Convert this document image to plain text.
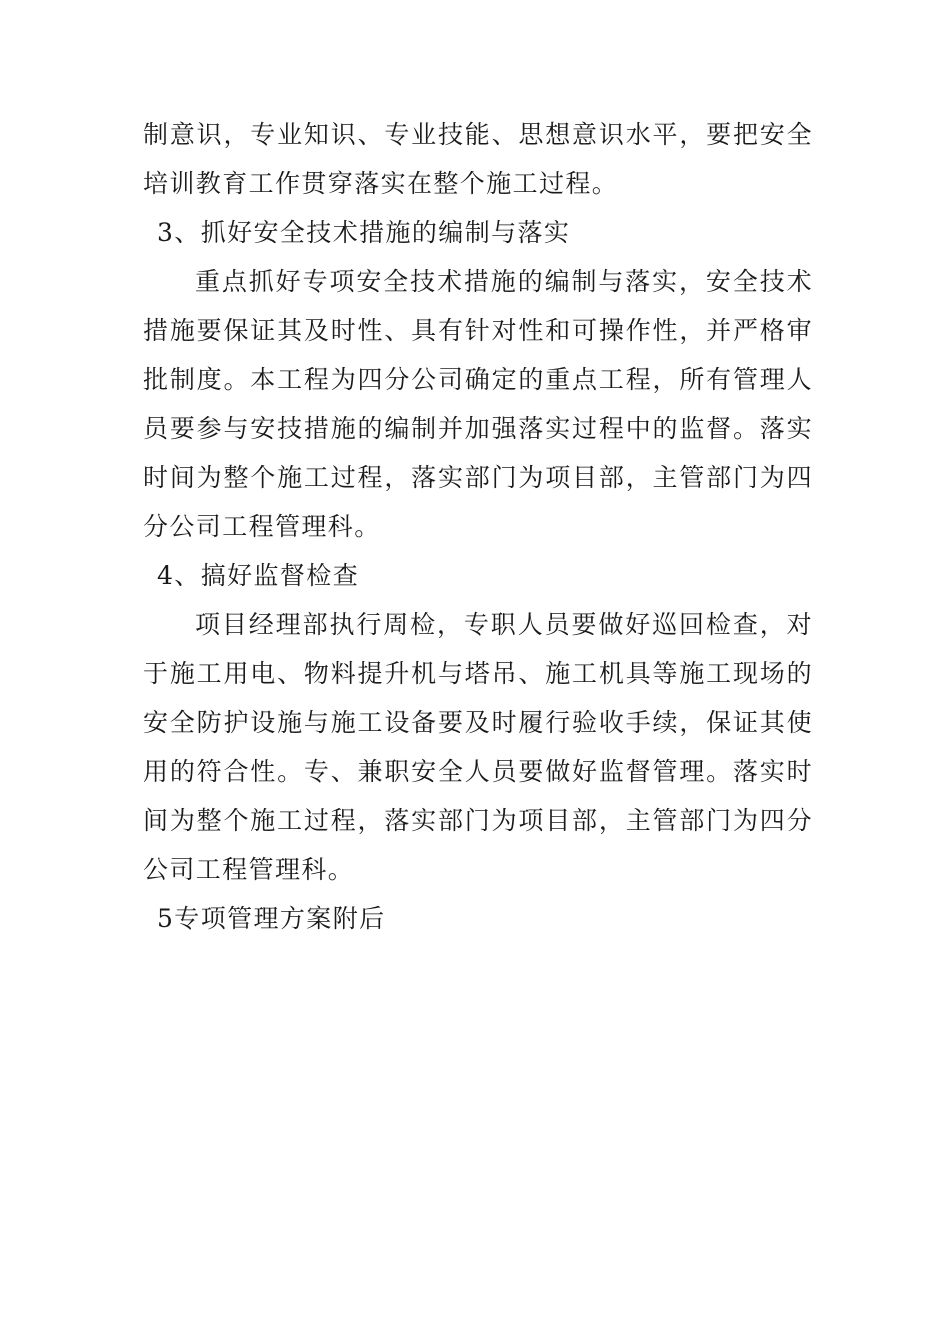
制意识，专业知识、专业技能、思想意识水平，要把安全培训教育工作贯穿落实在整个施工过程。

3、抓好安全技术措施的编制与落实

重点抓好专项安全技术措施的编制与落实，安全技术措施要保证其及时性、具有针对性和可操作性，并严格审批制度。本工程为四分公司确定的重点工程，所有管理人员要参与安技措施的编制并加强落实过程中的监督。落实时间为整个施工过程，落实部门为项目部，主管部门为四分公司工程管理科。

4、搞好监督检查

项目经理部执行周检，专职人员要做好巡回检查，对于施工用电、物料提升机与塔吊、施工机具等施工现场的安全防护设施与施工设备要及时履行验收手续，保证其使用的符合性。专、兼职安全人员要做好监督管理。落实时间为整个施工过程，落实部门为项目部，主管部门为四分公司工程管理科。

5专项管理方案附后
